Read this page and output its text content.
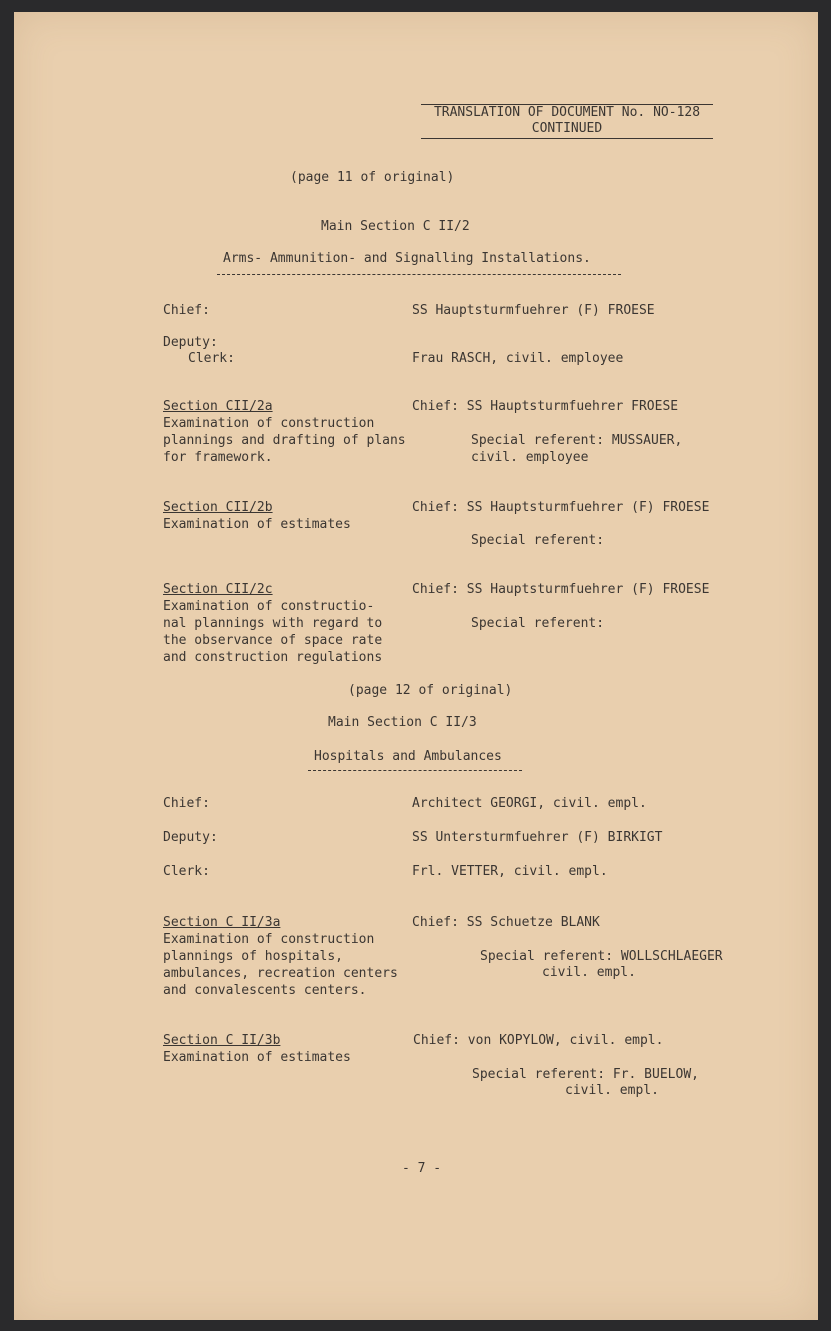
TRANSLATION OF DOCUMENT No. NO-128
CONTINUED
(page 11 of original)
Main Section C II/2
Arms- Ammunition- and Signalling Installations.
Chief:	SS Hauptsturmfuehrer (F) FROESE
Deputy:
Clerk:	Frau RASCH, civil. employee
Section CII/2a
Examination of construction
plannings and drafting of plans
for framework.
Chief: SS Hauptsturmfuehrer FROESE
Special referent: MUSSAUER,
civil. employee
Section CII/2b
Examination of estimates
Chief: SS Hauptsturmfuehrer (F) FROESE
Special referent:
Section CII/2c
Examination of constructio-
nal plannings with regard to
the observance of space rate
and construction regulations
Chief: SS Hauptsturmfuehrer (F) FROESE
Special referent:
(page 12 of original)
Main Section C II/3
Hospitals and Ambulances
Chief:	Architect GEORGI, civil. empl.
Deputy:	SS Untersturmfuehrer (F) BIRKIGT
Clerk:	Frl. VETTER, civil. empl.
Section C II/3a
Examination of construction
plannings of hospitals,
ambulances, recreation centers
and convalescents centers.
Chief: SS Schuetze BLANK
Special referent: WOLLSCHLAEGER
civil. empl.
Section C II/3b
Examination of estimates
Chief: von KOPYLOW, civil. empl.
Special referent: Fr. BUELOW,
civil. empl.
- 7 -
